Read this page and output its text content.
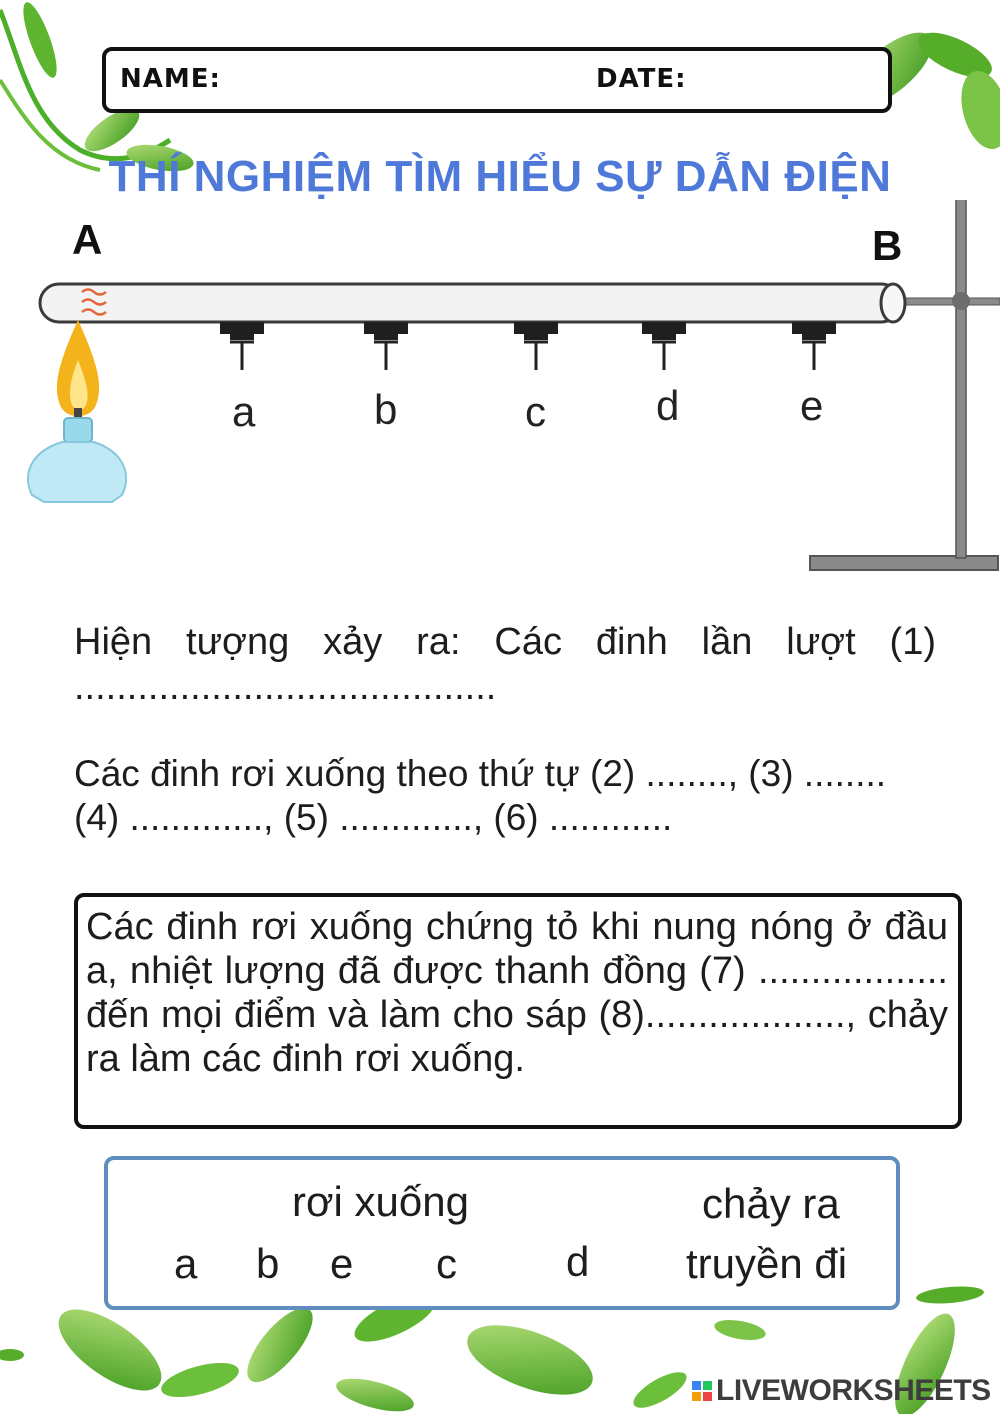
NAME:	DATE:
THÍ NGHIỆM TÌM HIỂU SỰ DẪN ĐIỆN
A	B
a	b	c	d	e
Hiện tượng xảy ra: Các đinh lần lượt (1)
........................................
Các đinh rơi xuống theo thứ tự (2) ........, (3) ........
(4) ............., (5) ............., (6) ............
Các đinh rơi xuống chứng tỏ khi nung nóng ở đầu a, nhiệt lượng đã được thanh đồng (7) .................. đến mọi điểm và làm cho sáp (8)..................., chảy ra làm các đinh rơi xuống.
rơi xuống	chảy ra
a b e c	d truyền đi
LIVEWORKSHEETS
